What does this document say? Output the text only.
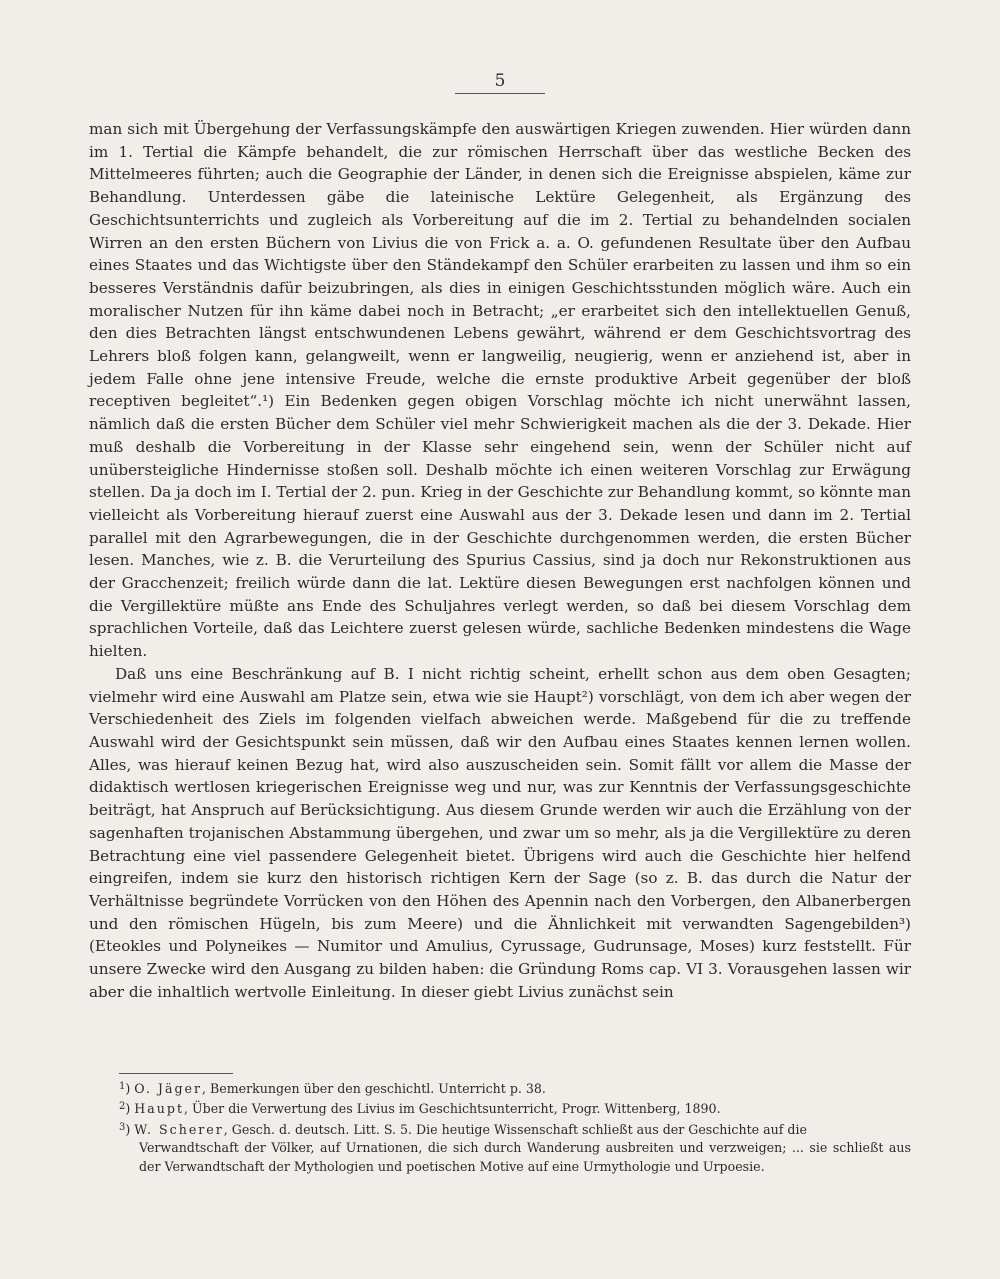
5

man sich mit Übergehung der Verfassungskämpfe den auswärtigen Kriegen zuwenden. Hier würden dann im 1. Tertial die Kämpfe behandelt, die zur römischen Herrschaft über das westliche Becken des Mittelmeeres führten; auch die Geographie der Länder, in denen sich die Ereignisse abspielen, käme zur Behandlung. Unterdessen gäbe die lateinische Lektüre Gelegenheit, als Ergänzung des Geschichtsunterrichts und zugleich als Vorbereitung auf die im 2. Tertial zu behandelnden socialen Wirren an den ersten Büchern von Livius die von Frick a. a. O. gefundenen Resultate über den Aufbau eines Staates und das Wichtigste über den Ständekampf den Schüler erarbeiten zu lassen und ihm so ein besseres Verständnis dafür beizubringen, als dies in einigen Geschichtsstunden möglich wäre. Auch ein moralischer Nutzen für ihn käme dabei noch in Betracht; „er erarbeitet sich den intellektuellen Genuß, den dies Betrachten längst entschwundenen Lebens gewährt, während er dem Geschichtsvortrag des Lehrers bloß folgen kann, gelangweilt, wenn er langweilig, neugierig, wenn er anziehend ist, aber in jedem Falle ohne jene intensive Freude, welche die ernste produktive Arbeit gegenüber der bloß receptiven begleitet“.¹) Ein Bedenken gegen obigen Vorschlag möchte ich nicht unerwähnt lassen, nämlich daß die ersten Bücher dem Schüler viel mehr Schwierigkeit machen als die der 3. Dekade. Hier muß deshalb die Vorbereitung in der Klasse sehr eingehend sein, wenn der Schüler nicht auf unübersteigliche Hindernisse stoßen soll. Deshalb möchte ich einen weiteren Vorschlag zur Erwägung stellen. Da ja doch im I. Tertial der 2. pun. Krieg in der Geschichte zur Behandlung kommt, so könnte man vielleicht als Vorbereitung hierauf zuerst eine Auswahl aus der 3. Dekade lesen und dann im 2. Tertial parallel mit den Agrarbewegungen, die in der Geschichte durchgenommen werden, die ersten Bücher lesen. Manches, wie z. B. die Verurteilung des Spurius Cassius, sind ja doch nur Rekonstruktionen aus der Gracchenzeit; freilich würde dann die lat. Lektüre diesen Bewegungen erst nachfolgen können und die Vergillektüre müßte ans Ende des Schuljahres verlegt werden, so daß bei diesem Vorschlag dem sprachlichen Vorteile, daß das Leichtere zuerst gelesen würde, sachliche Bedenken mindestens die Wage hielten.

Daß uns eine Beschränkung auf B. I nicht richtig scheint, erhellt schon aus dem oben Gesagten; vielmehr wird eine Auswahl am Platze sein, etwa wie sie Haupt²) vorschlägt, von dem ich aber wegen der Verschiedenheit des Ziels im folgenden vielfach abweichen werde. Maßgebend für die zu treffende Auswahl wird der Gesichtspunkt sein müssen, daß wir den Aufbau eines Staates kennen lernen wollen. Alles, was hierauf keinen Bezug hat, wird also auszuscheiden sein. Somit fällt vor allem die Masse der didaktisch wertlosen kriegerischen Ereignisse weg und nur, was zur Kenntnis der Verfassungsgeschichte beiträgt, hat Anspruch auf Berücksichtigung. Aus diesem Grunde werden wir auch die Erzählung von der sagenhaften trojanischen Abstammung übergehen, und zwar um so mehr, als ja die Vergillektüre zu deren Betrachtung eine viel passendere Gelegenheit bietet. Übrigens wird auch die Geschichte hier helfend eingreifen, indem sie kurz den historisch richtigen Kern der Sage (so z. B. das durch die Natur der Verhältnisse begründete Vorrücken von den Höhen des Apennin nach den Vorbergen, den Albanerbergen und den römischen Hügeln, bis zum Meere) und die Ähnlichkeit mit verwandten Sagengebilden³) (Eteokles und Polyneikes — Numitor und Amulius, Cyrussage, Gudrunsage, Moses) kurz feststellt. Für unsere Zwecke wird den Ausgang zu bilden haben: die Gründung Roms cap. VI 3. Vorausgehen lassen wir aber die inhaltlich wertvolle Einleitung. In dieser giebt Livius zunächst sein

$^1$) O. Jäger, Bemerkungen über den geschichtl. Unterricht p. 38.
$^2$) Haupt, Über die Verwertung des Livius im Geschichtsunterricht, Progr. Wittenberg, 1890.
$^3$) W. Scherer, Gesch. d. deutsch. Litt. S. 5. Die heutige Wissenschaft schließt aus der Geschichte auf die
Verwandtschaft der Völker, auf Urnationen, die sich durch Wanderung ausbreiten und verzweigen; ... sie schließt aus der Verwandtschaft der Mythologien und poetischen Motive auf eine Urmythologie und Urpoesie.
